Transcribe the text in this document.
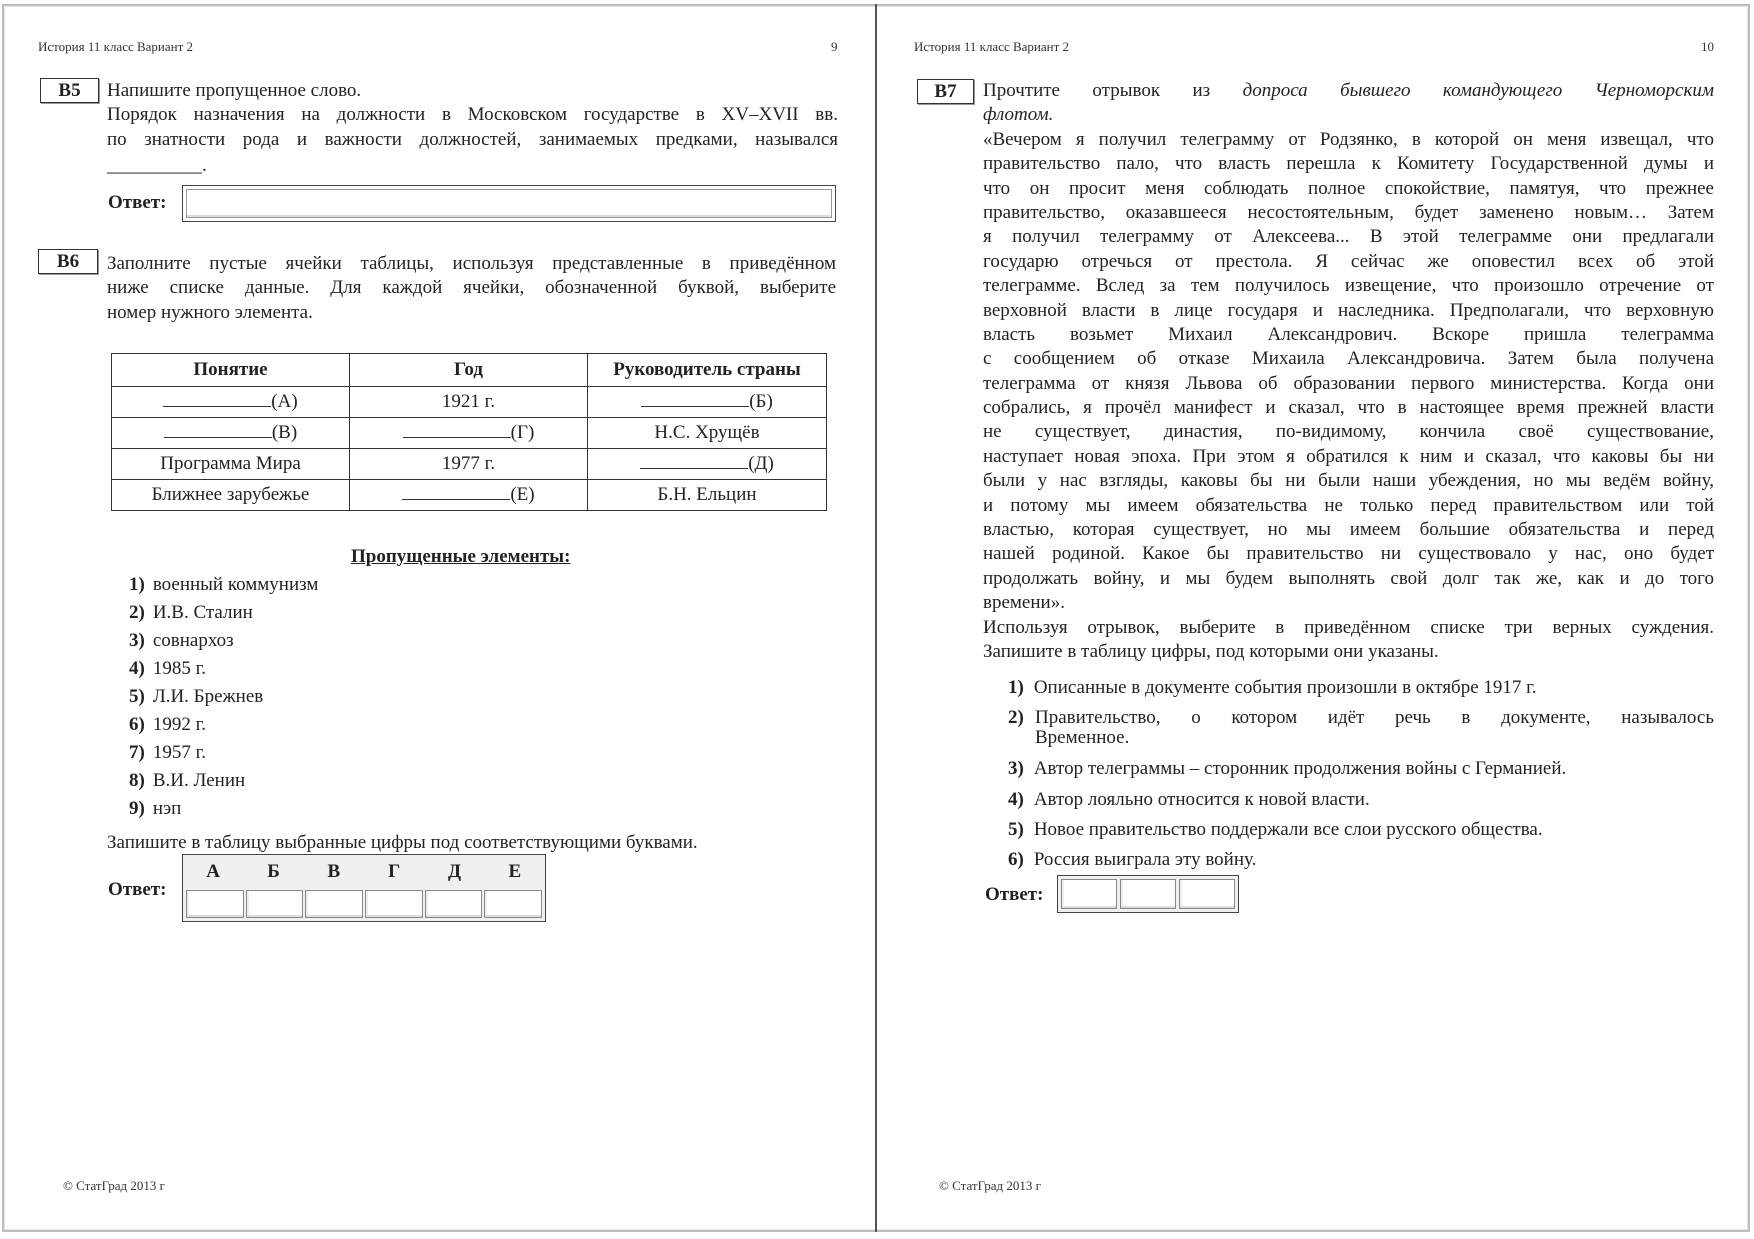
История 11 класс Вариант 2	9
В5	Напишите пропущенное слово.
Порядок назначения на должности в Московском государстве в XV–XVII вв.
по знатности рода и важности должностей, занимаемых предками, назывался
__________.
Ответ:
В6	Заполните пустые ячейки таблицы, используя представленные в приведённом
ниже списке данные. Для каждой ячейки, обозначенной буквой, выберите
номер нужного элемента.
Понятие	Год	Руководитель страны
(А)	1921 г.	(Б)
(В)	(Г)	Н.С. Хрущёв
Программа Мира	1977 г.	(Д)
Ближнее зарубежье	(Е)	Б.Н. Ельцин
Пропущенные элементы:
1) военный коммунизм
2) И.В. Сталин
3) совнархоз
4) 1985 г.
5) Л.И. Брежнев
6) 1992 г.
7) 1957 г.
8) В.И. Ленин
9) нэп
Запишите в таблицу выбранные цифры под соответствующими буквами.
Ответ:
А	Б	В	Г	Д	Е
© СтатГрад 2013 г
История 11 класс Вариант 2	10
В7	Прочтите отрывок из допроса бывшего командующего Черноморским
флотом.
«Вечером я получил телеграмму от Родзянко, в которой он меня извещал, что
правительство пало, что власть перешла к Комитету Государственной думы и
что он просит меня соблюдать полное спокойствие, памятуя, что прежнее
правительство, оказавшееся несостоятельным, будет заменено новым… Затем
я получил телеграмму от Алексеева... В этой телеграмме они предлагали
государю отречься от престола. Я сейчас же оповестил всех об этой
телеграмме. Вслед за тем получилось извещение, что произошло отречение от
верховной власти в лице государя и наследника. Предполагали, что верховную
власть возьмет Михаил Александрович. Вскоре пришла телеграмма
с сообщением об отказе Михаила Александровича. Затем была получена
телеграмма от князя Львова об образовании первого министерства. Когда они
собрались, я прочёл манифест и сказал, что в настоящее время прежней власти
не существует, династия, по-видимому, кончила своё существование,
наступает новая эпоха. При этом я обратился к ним и сказал, что каковы бы ни
были у нас взгляды, каковы бы ни были наши убеждения, но мы ведём войну,
и потому мы имеем обязательства не только перед правительством или той
властью, которая существует, но мы имеем большие обязательства и перед
нашей родиной. Какое бы правительство ни существовало у нас, оно будет
продолжать войну, и мы будем выполнять свой долг так же, как и до того
времени».
Используя отрывок, выберите в приведённом списке три верных суждения.
Запишите в таблицу цифры, под которыми они указаны.
1) Описанные в документе события произошли в октябре 1917 г.
2) Правительство, о котором идёт речь в документе, называлось
Временное.
3) Автор телеграммы – сторонник продолжения войны с Германией.
4) Автор лояльно относится к новой власти.
5) Новое правительство поддержали все слои русского общества.
6) Россия выиграла эту войну.
Ответ:
© СтатГрад 2013 г
